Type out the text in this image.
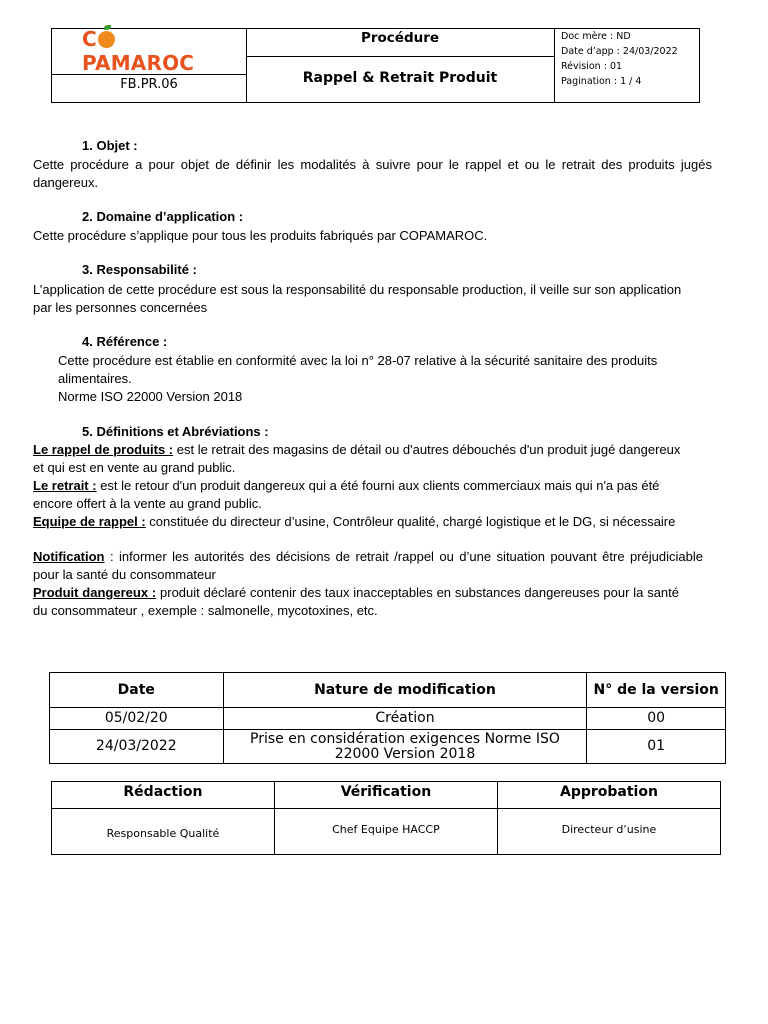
CPAMAROC
FB.PR.06
Procédure
Rappel & Retrait Produit
Doc mère : ND
Date d’app : 24/03/2022
Révision : 01
Pagination : 1 / 4
1. Objet :
Cette procédure a pour objet de définir les modalités à suivre pour le rappel et ou le retrait des produits jugés dangereux.
2. Domaine d’application :
Cette procédure s’applique pour tous les produits fabriqués par COPAMAROC.
3. Responsabilité :
L’application de cette procédure est sous la responsabilité du responsable production, il veille sur son application par les personnes concernées
4. Référence :
Cette procédure est établie en conformité avec la loi n° 28-07 relative à la sécurité sanitaire des produits alimentaires.
Norme ISO 22000 Version 2018
5. Définitions et Abréviations :
Le rappel de produits : est le retrait des magasins de détail ou d'autres débouchés d'un produit jugé dangereux et qui est en vente au grand public.
Le retrait : est le retour d'un produit dangereux qui a été fourni aux clients commerciaux mais qui n'a pas été encore offert à la vente au grand public.
Equipe de rappel : constituée du directeur d’usine, Contrôleur qualité, chargé logistique et le DG, si nécessaire
Notification : informer les autorités des décisions de retrait /rappel ou d’une situation pouvant être préjudiciable pour la santé du consommateur
Produit dangereux : produit déclaré contenir des taux inacceptables en substances dangereuses pour la santé du consommateur , exemple : salmonelle, mycotoxines, etc.
Date	Nature de modification	N° de la version
05/02/20	Création	00
24/03/2022	Prise en considération exigences Norme ISO 22000 Version 2018	01
Rédaction	Vérification	Approbation
Responsable Qualité	Chef Equipe HACCP	Directeur d’usine
